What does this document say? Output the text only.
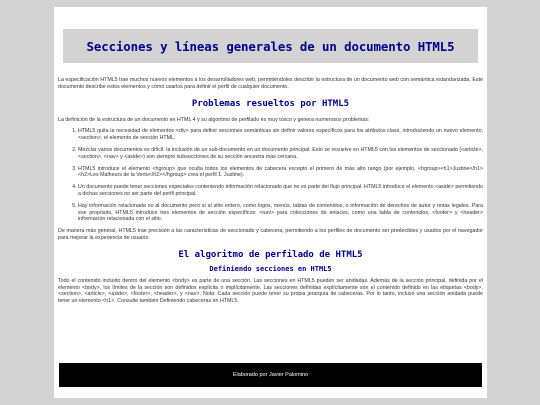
Secciones y líneas generales de un documento HTML5

La especificación HTML5 trae muchos nuevos elementos a los desarrolladores web, permitiéndoles describir la estructura de un documento web con semántica estandarizada. Este documento describe estos elementos y cómo usarlos para definir el perfil de cualquier documento.

Problemas resueltos por HTML5

La definición de la estructura de un documento en HTML 4 y su algoritmo de perfilado es muy tosco y genera numerosos problemas:

1. HTML5 quita la necesidad de elementos <div> para definir secciones semánticas sin definir valores específicos para los atributos class, introduciendo un nuevo elemento, <section>, el elemento de sección HTML.
2. Mezclar varios documentos es difícil: la inclusión de un sub-documento en un documento principal. Esto se resuelve en HTML5 con los elementos de seccionado (<article>, <section>, <nav> y <aside>) son siempre subsecciones de su sección ancestra más cercana.
3. HTML5 introduce el elemento <hgroup> que oculta todos los elementos de cabecera excepto el primero de más alto rango (por ejemplo, <hgroup><h1>Justine</h1><h2>Les Malheurs de la Vertu</h2></hgroup> crea el perfil 1. Justine).
4. Un documento puede tener secciones especiales conteniendo información relacionado que no es parte del flujo principal. HTML5 introduce el elemento <aside> permitiendo a dichas secciones no ser parte del perfil principal.
5. Hay información relacionada no al documento pero sí al sitio entero, como logos, menús, tablas de contenidos, o información de derechos de autor y notas legales. Para ese propósito, HTML5 introduce tres elementos de sección específicos: <nav> para colecciones de enlaces, como una tabla de contenidos, <footer> y <header> información relacionada con el sitio.

De manera más general, HTML5 trae precisión a las características de seccionado y cabecera, permitiendo a los perfiles de documento ser predecibles y usados por el navegador para mejorar la experiencia de usuario.

El algoritmo de perfilado de HTML5
Definiendo secciones en HTML5

Todo el contenido incluido dentro del elemento <body> es parte de una sección. Las secciones en HTML5 pueden ser anidadas. Además de la sección principal, definida por el elemento <body>, los límites de la sección son definidos explícita o implícitamente. Las secciones definidas explícitamente son el contenido definido en las etiquetas <body>, <section>, <article>, <aside>, <footer>, <header>, y <nav>. Nota: Cada sección puede tener su propia jerarquía de cabeceras. Por lo tanto, incluso una sección anidada puede tener un elemento <h1>. Consulte también Definiendo cabeceras en HTML5.

Elaborado por Javier Palomino
